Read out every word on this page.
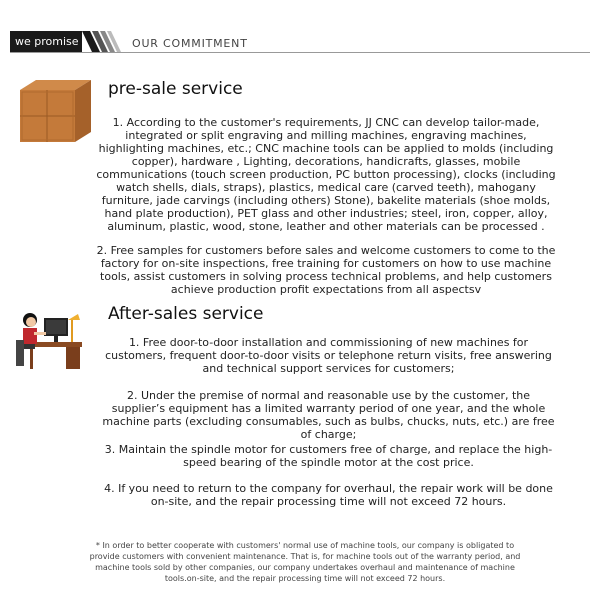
we promise	OUR COMMITMENT
pre-sale service
1. According to the customer's requirements, JJ CNC can develop tailor-made, integrated or split engraving and milling machines, engraving machines, highlighting machines, etc.; CNC machine tools can be applied to molds (including copper), hardware , Lighting, decorations, handicrafts, glasses, mobile communications (touch screen production, PC button processing), clocks (including watch shells, dials, straps), plastics, medical care (carved teeth), mahogany furniture, jade carvings (including others) Stone), bakelite materials (shoe molds, hand plate production), PET glass and other industries; steel, iron, copper, alloy, aluminum, plastic, wood, stone, leather and other materials can be processed .
2. Free samples for customers before sales and welcome customers to come to the factory for on-site inspections, free training for customers on how to use machine tools, assist customers in solving process technical problems, and help customers achieve production profit expectations from all aspectsv
After-sales service
1. Free door-to-door installation and commissioning of new machines for customers, frequent door-to-door visits or telephone return visits, free answering and technical support services for customers;
2. Under the premise of normal and reasonable use by the customer, the supplier’s equipment has a limited warranty period of one year, and the whole machine parts (excluding consumables, such as bulbs, chucks, nuts, etc.) are free of charge;
3. Maintain the spindle motor for customers free of charge, and replace the high-speed bearing of the spindle motor at the cost price.
4. If you need to return to the company for overhaul, the repair work will be done on-site, and the repair processing time will not exceed 72 hours.
* In order to better cooperate with customers' normal use of machine tools, our company is obligated to provide customers with convenient maintenance. That is, for machine tools out of the warranty period, and machine tools sold by other companies, our company undertakes overhaul and maintenance of machine tools.on-site, and the repair processing time will not exceed 72 hours.
